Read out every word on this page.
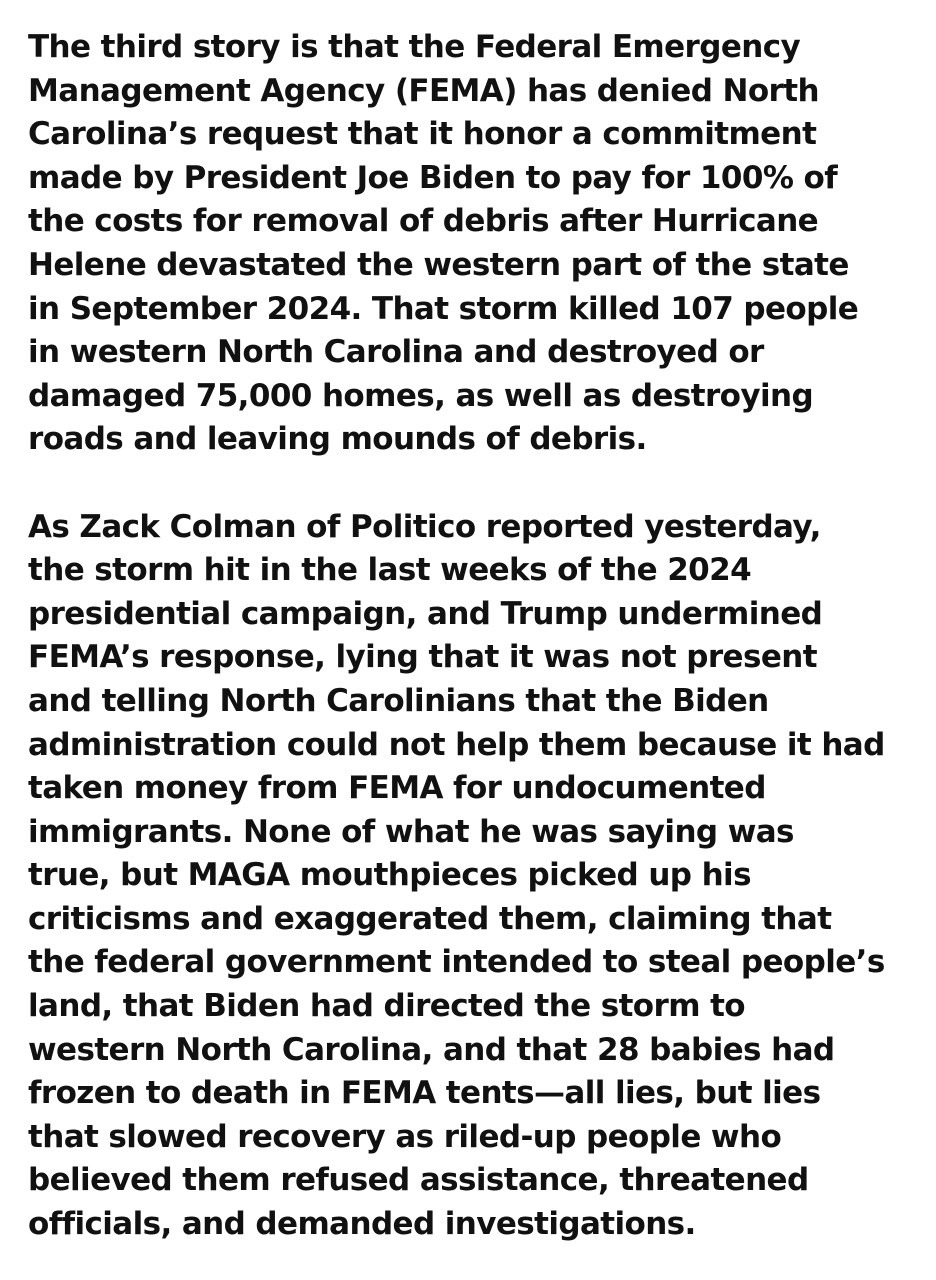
The third story is that the Federal Emergency
Management Agency (FEMA) has denied North
Carolina’s request that it honor a commitment
made by President Joe Biden to pay for 100% of
the costs for removal of debris after Hurricane
Helene devastated the western part of the state
in September 2024. That storm killed 107 people
in western North Carolina and destroyed or
damaged 75,000 homes, as well as destroying
roads and leaving mounds of debris.
As Zack Colman of Politico reported yesterday,
the storm hit in the last weeks of the 2024
presidential campaign, and Trump undermined
FEMA’s response, lying that it was not present
and telling North Carolinians that the Biden
administration could not help them because it had
taken money from FEMA for undocumented
immigrants. None of what he was saying was
true, but MAGA mouthpieces picked up his
criticisms and exaggerated them, claiming that
the federal government intended to steal people’s
land, that Biden had directed the storm to
western North Carolina, and that 28 babies had
frozen to death in FEMA tents—all lies, but lies
that slowed recovery as riled-up people who
believed them refused assistance, threatened
officials, and demanded investigations.
